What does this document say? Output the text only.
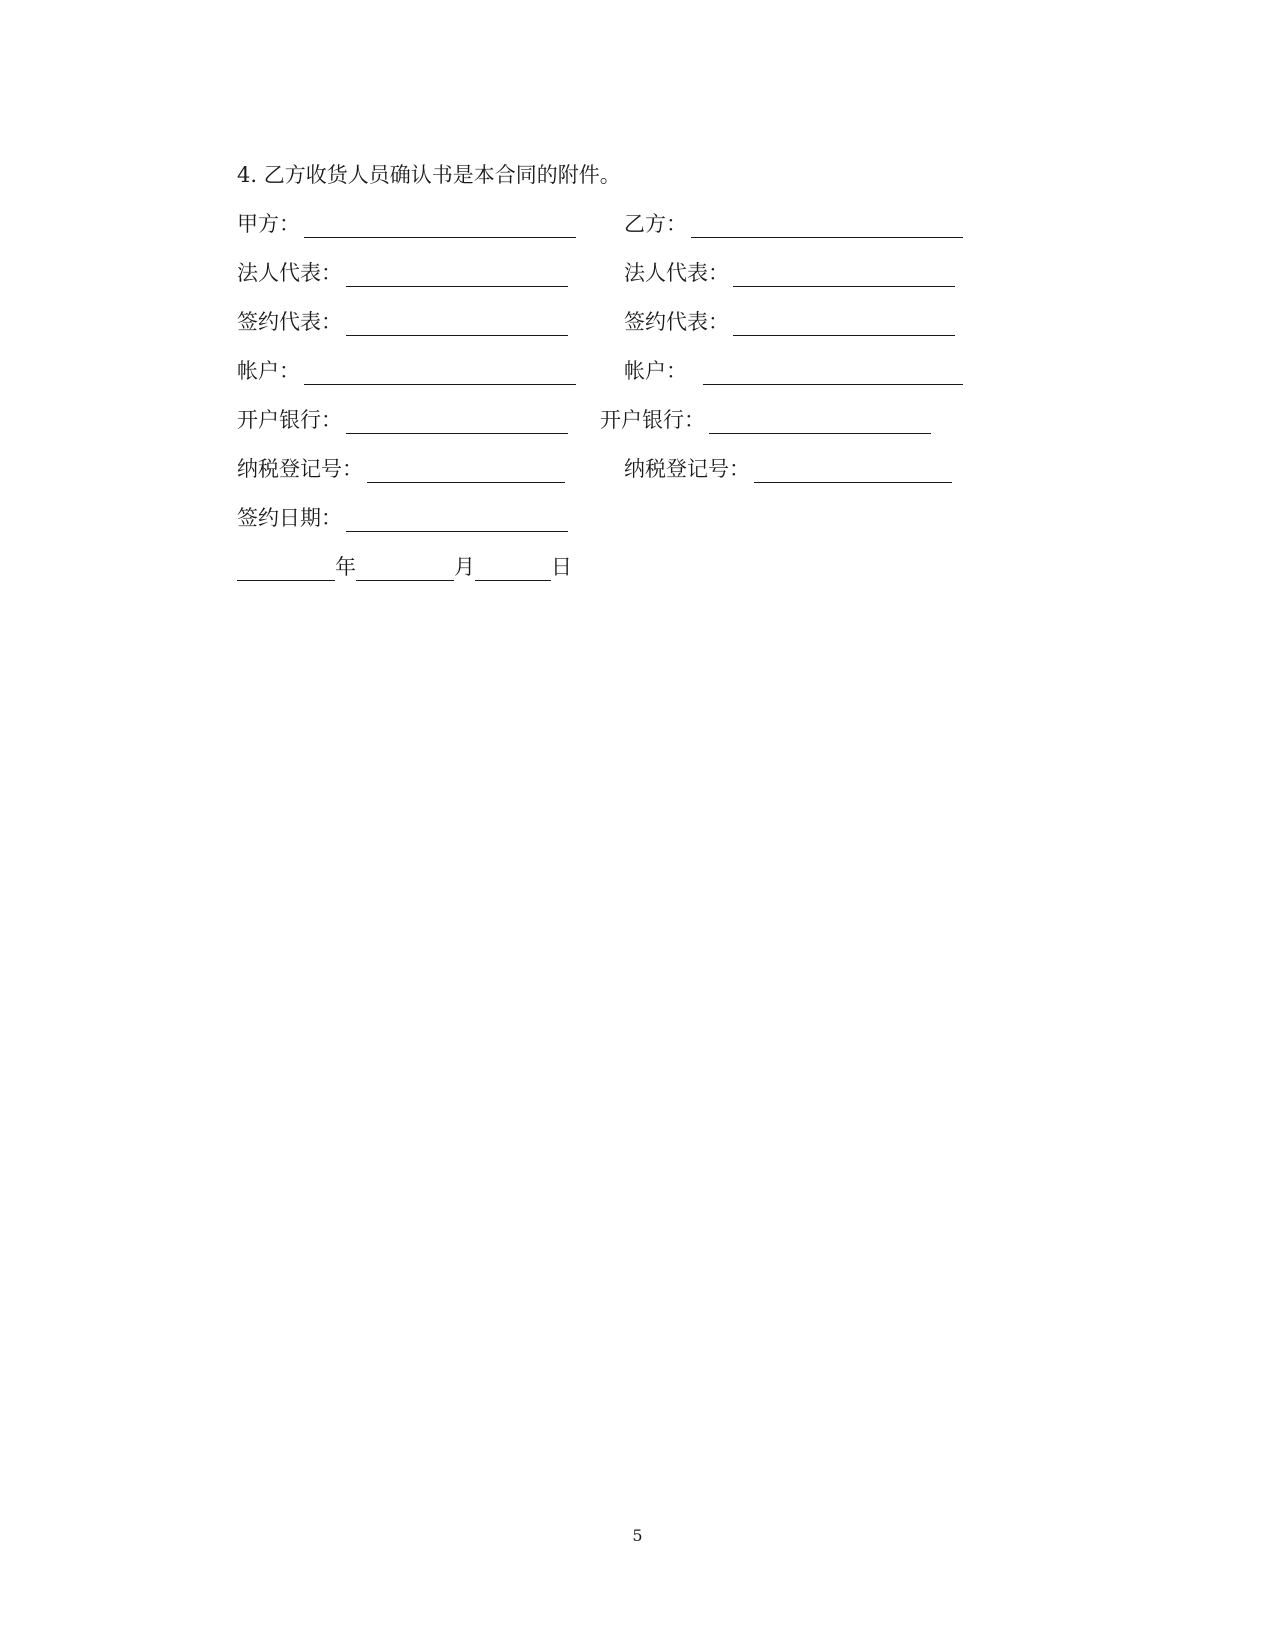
4. 乙方收货人员确认书是本合同的附件。
甲方：
法人代表：
签约代表：
帐户：
开户银行：
纳税登记号：
签约日期：
乙方：
法人代表：
签约代表：
帐户：
开户银行：
纳税登记号：
年	月	日
5
